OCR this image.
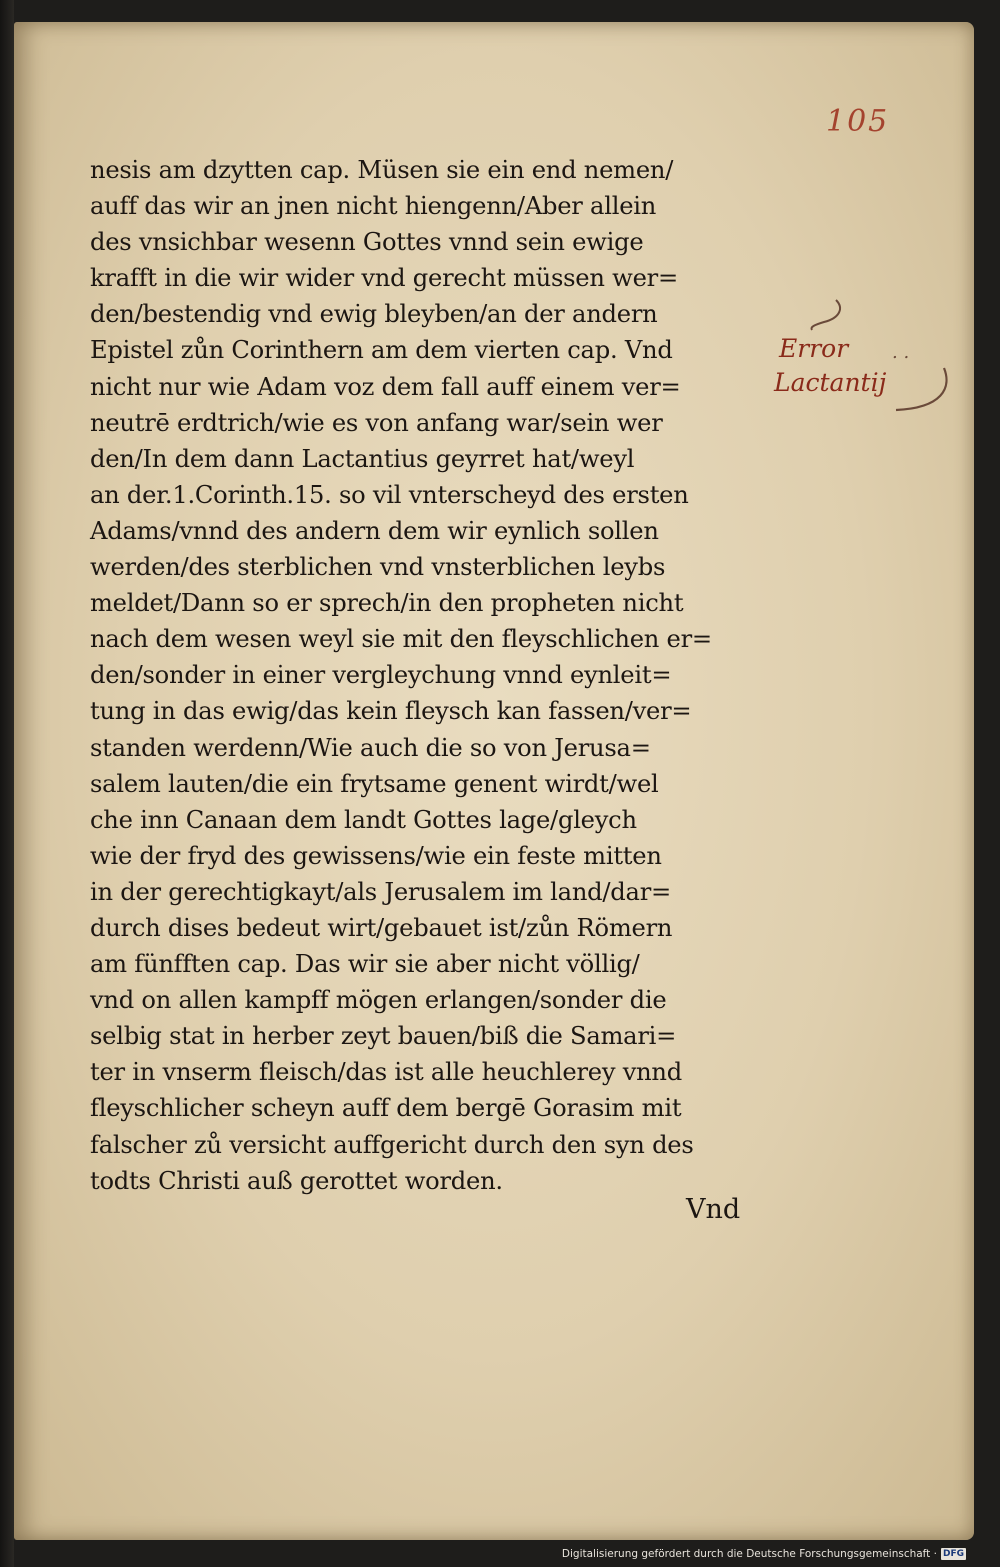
105
nesis am dzytten cap. Müsen sie ein end nemen/
auff das wir an jnen nicht hiengenn/Aber allein
des vnsichbar wesenn Gottes vnnd sein ewige
krafft in die wir wider vnd gerecht müssen wer=
den/bestendig vnd ewig bleyben/an der andern
Epistel zůn Corinthern am dem vierten cap. Vnd
nicht nur wie Adam voz dem fall auff einem ver=
neutrē erdtrich/wie es von anfang war/sein wer
den/In dem dann Lactantius geyrret hat/weyl
an der.1.Corinth.15. so vil vnterscheyd des ersten
Adams/vnnd des andern dem wir eynlich sollen
werden/des sterblichen vnd vnsterblichen leybs
meldet/Dann so er sprech/in den propheten nicht
nach dem wesen weyl sie mit den fleyschlichen er=
den/sonder in einer vergleychung vnnd eynleit=
tung in das ewig/das kein fleysch kan fassen/ver=
standen werdenn/Wie auch die so von Jerusa=
salem lauten/die ein frytsame genent wirdt/wel
che inn Canaan dem landt Gottes lage/gleych
wie der fryd des gewissens/wie ein feste mitten
in der gerechtigkayt/als Jerusalem im land/dar=
durch dises bedeut wirt/gebauet ist/zůn Römern
am fünfften cap. Das wir sie aber nicht völlig/
vnd on allen kampff mögen erlangen/sonder die
selbig stat in herber zeyt bauen/biß die Samari=
ter in vnserm fleisch/das ist alle heuchlerey vnnd
fleyschlicher scheyn auff dem bergē Gorasim mit
falscher zů versicht auffgericht durch den syn des
todts Christi auß gerottet worden.
Vnd
Error . .
Lactantij
Digitalisierung gefördert durch die Deutsche Forschungsgemeinschaft · DFG
